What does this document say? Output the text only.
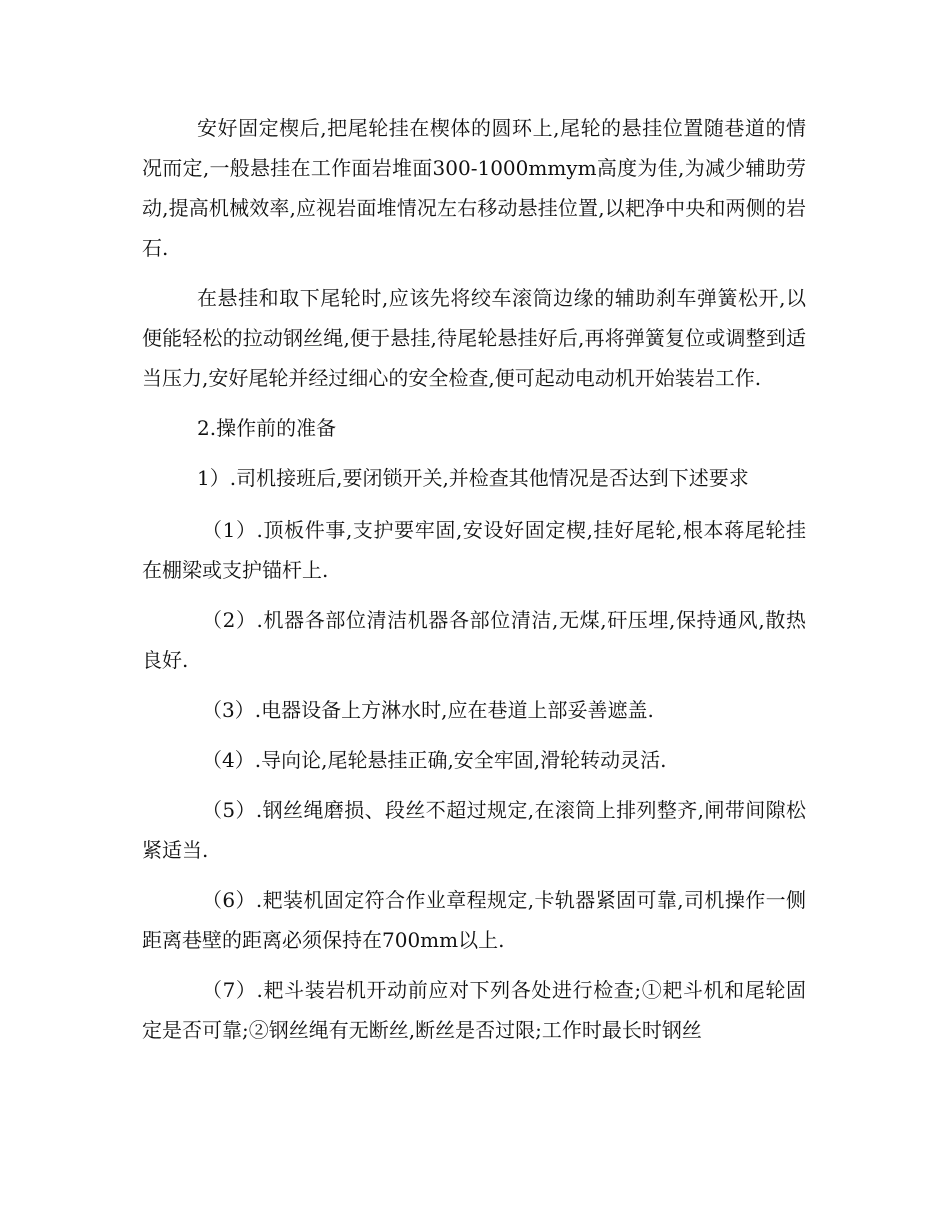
安好固定楔后,把尾轮挂在楔体的圆环上,尾轮的悬挂位置随巷道的情况而定,一般悬挂在工作面岩堆面300-1000mmym高度为佳,为减少辅助劳动,提高机械效率,应视岩面堆情况左右移动悬挂位置,以耙净中央和两侧的岩石.

在悬挂和取下尾轮时,应该先将绞车滚筒边缘的辅助刹车弹簧松开,以便能轻松的拉动钢丝绳,便于悬挂,待尾轮悬挂好后,再将弹簧复位或调整到适当压力,安好尾轮并经过细心的安全检查,便可起动电动机开始装岩工作.

2.操作前的准备

1）.司机接班后,要闭锁开关,并检查其他情况是否达到下述要求

（1）.顶板件事,支护要牢固,安设好固定楔,挂好尾轮,根本蒋尾轮挂在棚梁或支护锚杆上.

（2）.机器各部位清洁机器各部位清洁,无煤,矸压埋,保持通风,散热良好.

（3）.电器设备上方淋水时,应在巷道上部妥善遮盖.

（4）.导向论,尾轮悬挂正确,安全牢固,滑轮转动灵活.

（5）.钢丝绳磨损、段丝不超过规定,在滚筒上排列整齐,闸带间隙松紧适当.

（6）.耙装机固定符合作业章程规定,卡轨器紧固可靠,司机操作一侧距离巷壁的距离必须保持在700mm以上.

（7）.耙斗装岩机开动前应对下列各处进行检查;①耙斗机和尾轮固定是否可靠;②钢丝绳有无断丝,断丝是否过限;工作时最长时钢丝
